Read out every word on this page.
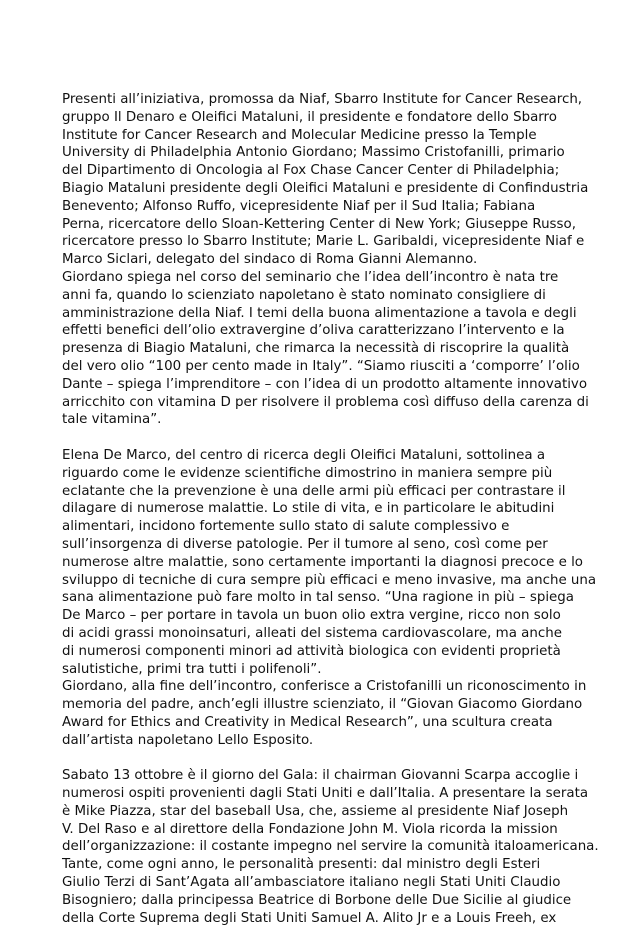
Presenti all’iniziativa, promossa da Niaf, Sbarro Institute for Cancer Research,
gruppo Il Denaro e Oleifici Mataluni, il presidente e fondatore dello Sbarro
Institute for Cancer Research and Molecular Medicine presso la Temple
University di Philadelphia Antonio Giordano; Massimo Cristofanilli, primario
del Dipartimento di Oncologia al Fox Chase Cancer Center di Philadelphia;
Biagio Mataluni presidente degli Oleifici Mataluni e presidente di Confindustria
Benevento; Alfonso Ruffo, vicepresidente Niaf per il Sud Italia; Fabiana
Perna, ricercatore dello Sloan-Kettering Center di New York; Giuseppe Russo,
ricercatore presso lo Sbarro Institute; Marie L. Garibaldi, vicepresidente Niaf e
Marco Siclari, delegato del sindaco di Roma Gianni Alemanno.
Giordano spiega nel corso del seminario che l’idea dell’incontro è nata tre
anni fa, quando lo scienziato napoletano è stato nominato consigliere di
amministrazione della Niaf. I temi della buona alimentazione a tavola e degli
effetti benefici dell’olio extravergine d’oliva caratterizzano l’intervento e la
presenza di Biagio Mataluni, che rimarca la necessità di riscoprire la qualità
del vero olio “100 per cento made in Italy”. “Siamo riusciti a ‘comporre’ l’olio
Dante – spiega l’imprenditore – con l’idea di un prodotto altamente innovativo
arricchito con vitamina D per risolvere il problema così diffuso della carenza di
tale vitamina”.
Elena De Marco, del centro di ricerca degli Oleifici Mataluni, sottolinea a
riguardo come le evidenze scientifiche dimostrino in maniera sempre più
eclatante che la prevenzione è una delle armi più efficaci per contrastare il
dilagare di numerose malattie. Lo stile di vita, e in particolare le abitudini
alimentari, incidono fortemente sullo stato di salute complessivo e
sull’insorgenza di diverse patologie. Per il tumore al seno, così come per
numerose altre malattie, sono certamente importanti la diagnosi precoce e lo
sviluppo di tecniche di cura sempre più efficaci e meno invasive, ma anche una
sana alimentazione può fare molto in tal senso. “Una ragione in più – spiega
De Marco – per portare in tavola un buon olio extra vergine, ricco non solo
di acidi grassi monoinsaturi, alleati del sistema cardiovascolare, ma anche
di numerosi componenti minori ad attività biologica con evidenti proprietà
salutistiche, primi tra tutti i polifenoli”.
Giordano, alla fine dell’incontro, conferisce a Cristofanilli un riconoscimento in
memoria del padre, anch’egli illustre scienziato, il “Giovan Giacomo Giordano
Award for Ethics and Creativity in Medical Research”, una scultura creata
dall’artista napoletano Lello Esposito.
Sabato 13 ottobre è il giorno del Gala: il chairman Giovanni Scarpa accoglie i
numerosi ospiti provenienti dagli Stati Uniti e dall’Italia. A presentare la serata
è Mike Piazza, star del baseball Usa, che, assieme al presidente Niaf Joseph
V. Del Raso e al direttore della Fondazione John M. Viola ricorda la mission
dell’organizzazione: il costante impegno nel servire la comunità italoamericana.
Tante, come ogni anno, le personalità presenti: dal ministro degli Esteri
Giulio Terzi di Sant’Agata all’ambasciatore italiano negli Stati Uniti Claudio
Bisogniero; dalla principessa Beatrice di Borbone delle Due Sicilie al giudice
della Corte Suprema degli Stati Uniti Samuel A. Alito Jr e a Louis Freeh, ex
